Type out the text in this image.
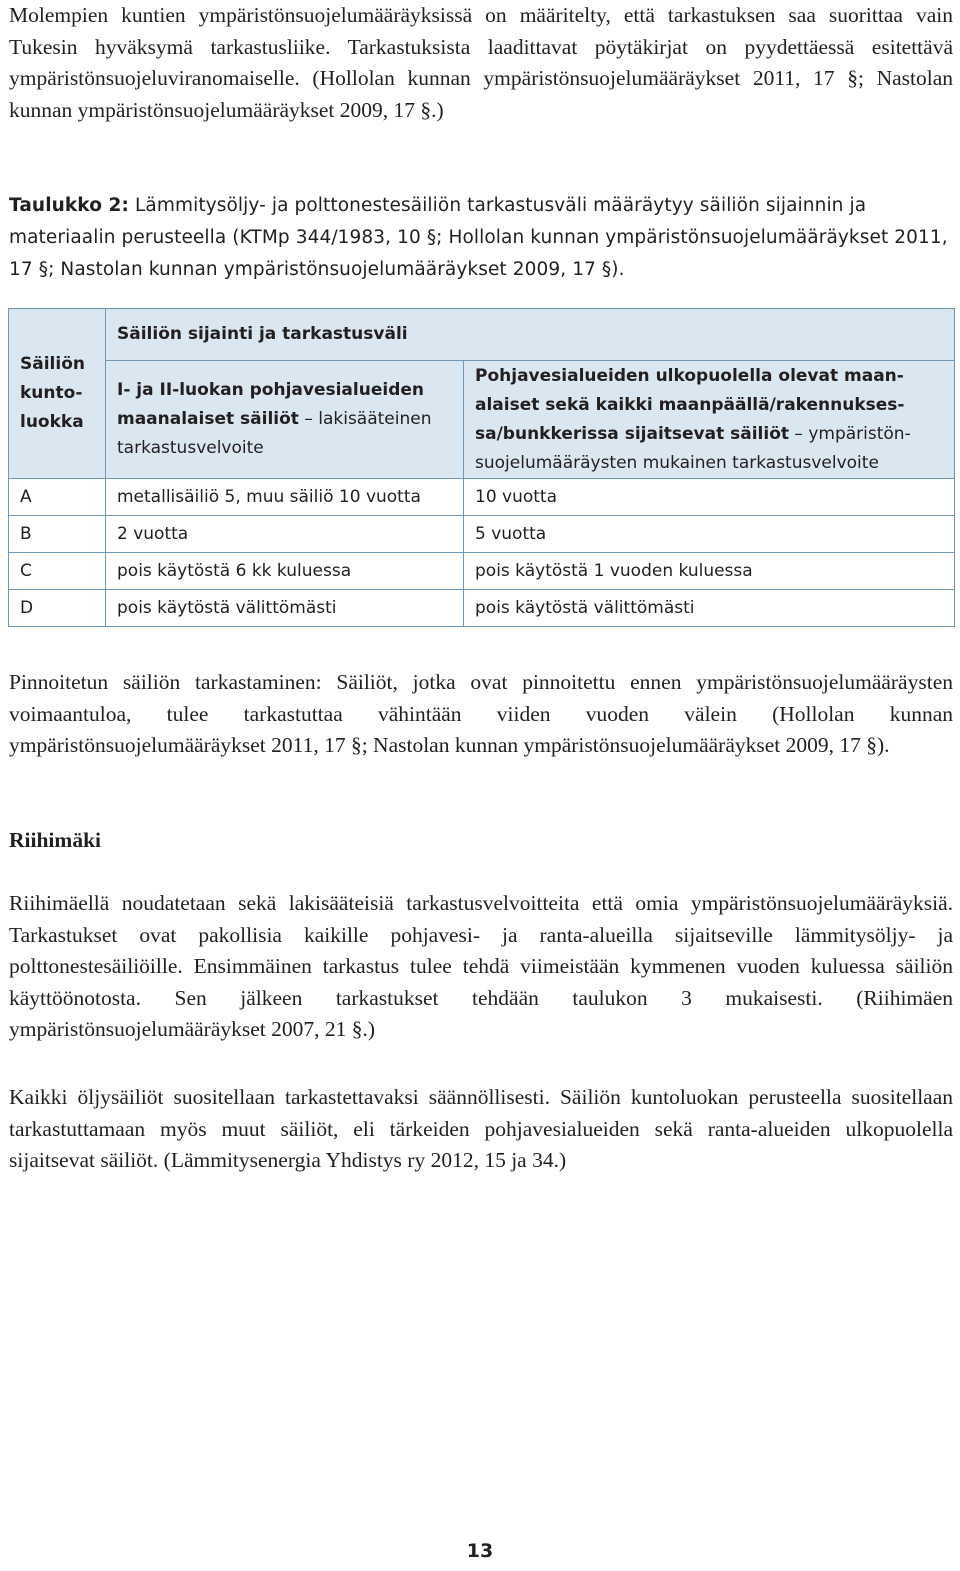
Molempien kuntien ympäristönsuojelumääräyksissä on määritelty, että tarkastuksen saa suorittaa vain Tukesin hyväksymä tarkastusliike. Tarkastuksista laadittavat pöytäkirjat on pyydettäessä esitettävä ympäristönsuojeluviranomaiselle. (Hollolan kunnan ympäristönsuojelumääräykset 2011, 17 §; Nastolan kunnan ympäristönsuojelumääräykset 2009, 17 §.)

Taulukko 2: Lämmitysöljy- ja polttonestesäiliön tarkastusväli määräytyy säiliön sijainnin ja materiaalin perusteella (KTMp 344/1983, 10 §; Hollolan kunnan ympäristönsuojelumääräykset 2011, 17 §; Nastolan kunnan ympäristönsuojelumääräykset 2009, 17 §).

Säiliön kunto-luokka	Säiliön sijainti ja tarkastusväli	
	I- ja II-luokan pohjavesialueiden maanalaiset säiliöt – lakisääteinen tarkastusvelvoite	Pohjavesialueiden ulkopuolella olevat maan-alaiset sekä kaikki maanpäällä/rakennukses-sa/bunkkerissa sijaitsevat säiliöt – ympäristön-suojelumääräysten mukainen tarkastusvelvoite
A	metallisäiliö 5, muu säiliö 10 vuotta	10 vuotta
B	2 vuotta	5 vuotta
C	pois käytöstä 6 kk kuluessa	pois käytöstä 1 vuoden kuluessa
D	pois käytöstä välittömästi	pois käytöstä välittömästi

Pinnoitetun säiliön tarkastaminen: Säiliöt, jotka ovat pinnoitettu ennen ympäristönsuojelumääräysten voimaantuloa, tulee tarkastuttaa vähintään viiden vuoden välein (Hollolan kunnan ympäristönsuojelumääräykset 2011, 17 §; Nastolan kunnan ympäristönsuojelumääräykset 2009, 17 §).

Riihimäki

Riihimäellä noudatetaan sekä lakisääteisiä tarkastusvelvoitteita että omia ympäristönsuojelumääräyksiä. Tarkastukset ovat pakollisia kaikille pohjavesi- ja ranta-alueilla sijaitseville lämmitysöljy- ja polttonestesäiliöille. Ensimmäinen tarkastus tulee tehdä viimeistään kymmenen vuoden kuluessa säiliön käyttöönotosta. Sen jälkeen tarkastukset tehdään taulukon 3 mukaisesti. (Riihimäen ympäristönsuojelumääräykset 2007, 21 §.)

Kaikki öljysäiliöt suositellaan tarkastettavaksi säännöllisesti. Säiliön kuntoluokan perusteella suositellaan tarkastuttamaan myös muut säiliöt, eli tärkeiden pohjavesialueiden sekä ranta-alueiden ulkopuolella sijaitsevat säiliöt. (Lämmitysenergia Yhdistys ry 2012, 15 ja 34.)

13
